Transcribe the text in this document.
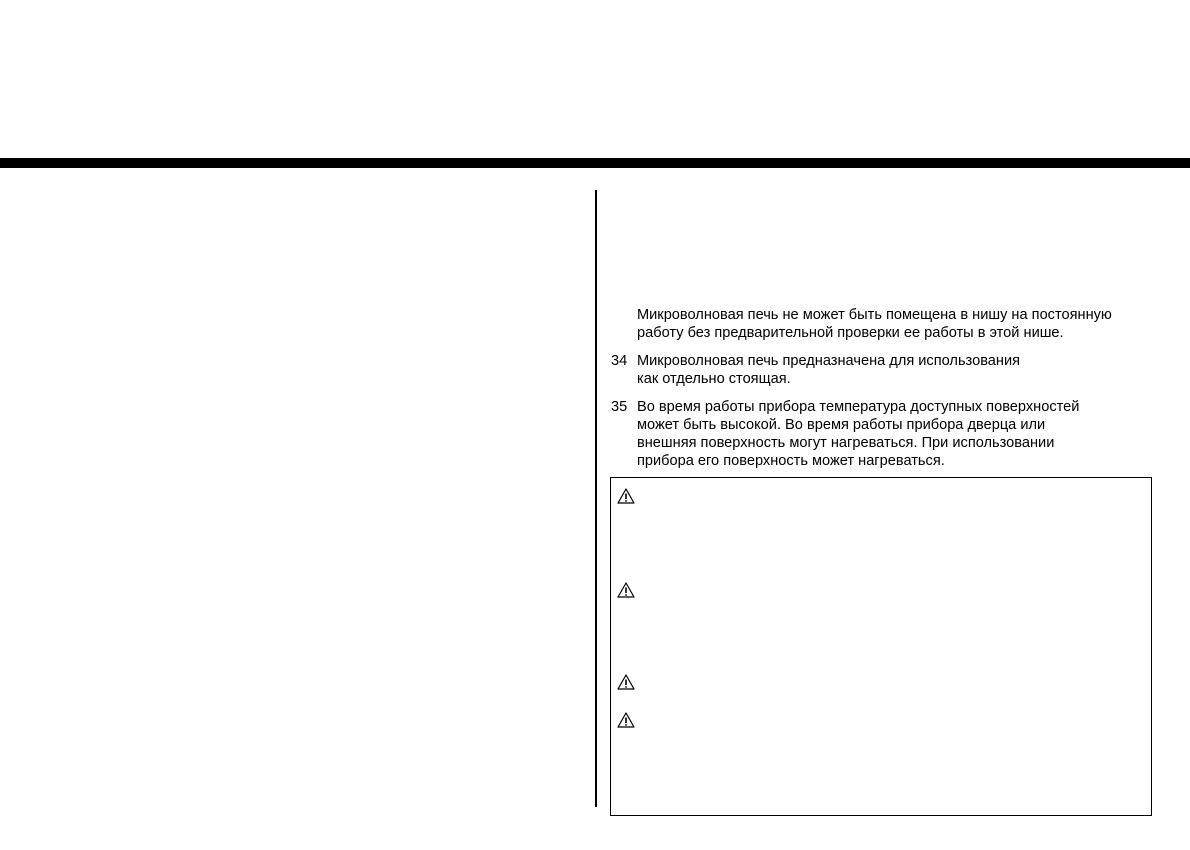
Микроволновая печь не может быть помещена в нишу на постоянную
работу без предварительной проверки ее работы в этой нише.
34 Микроволновая печь предназначена для использования
как отдельно стоящая.
35 Во время работы прибора температура доступных поверхностей
может быть высокой. Во время работы прибора дверца или
внешняя поверхность могут нагреваться. При использовании
прибора его поверхность может нагреваться.
